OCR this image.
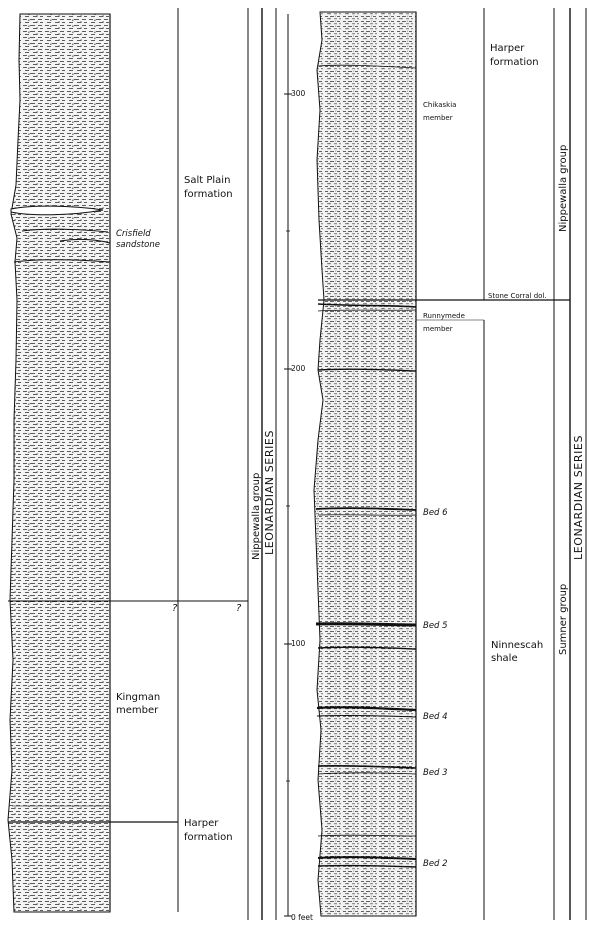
Salt Plain
formation
Crisfield
sandstone
?	?
Kingman
member
Harper
formation
Nippewalla group LEONARDIAN SERIES
300
200
100
0 feet
Harper
formation
Chikaskia
member
Stone Corral dol.
Runnymede
member
Bed 6
Bed 5
Bed 4
Bed 3
Bed 2
Ninnescah
shale
Nippewalla group
Sumner group
LEONARDIAN SERIES
